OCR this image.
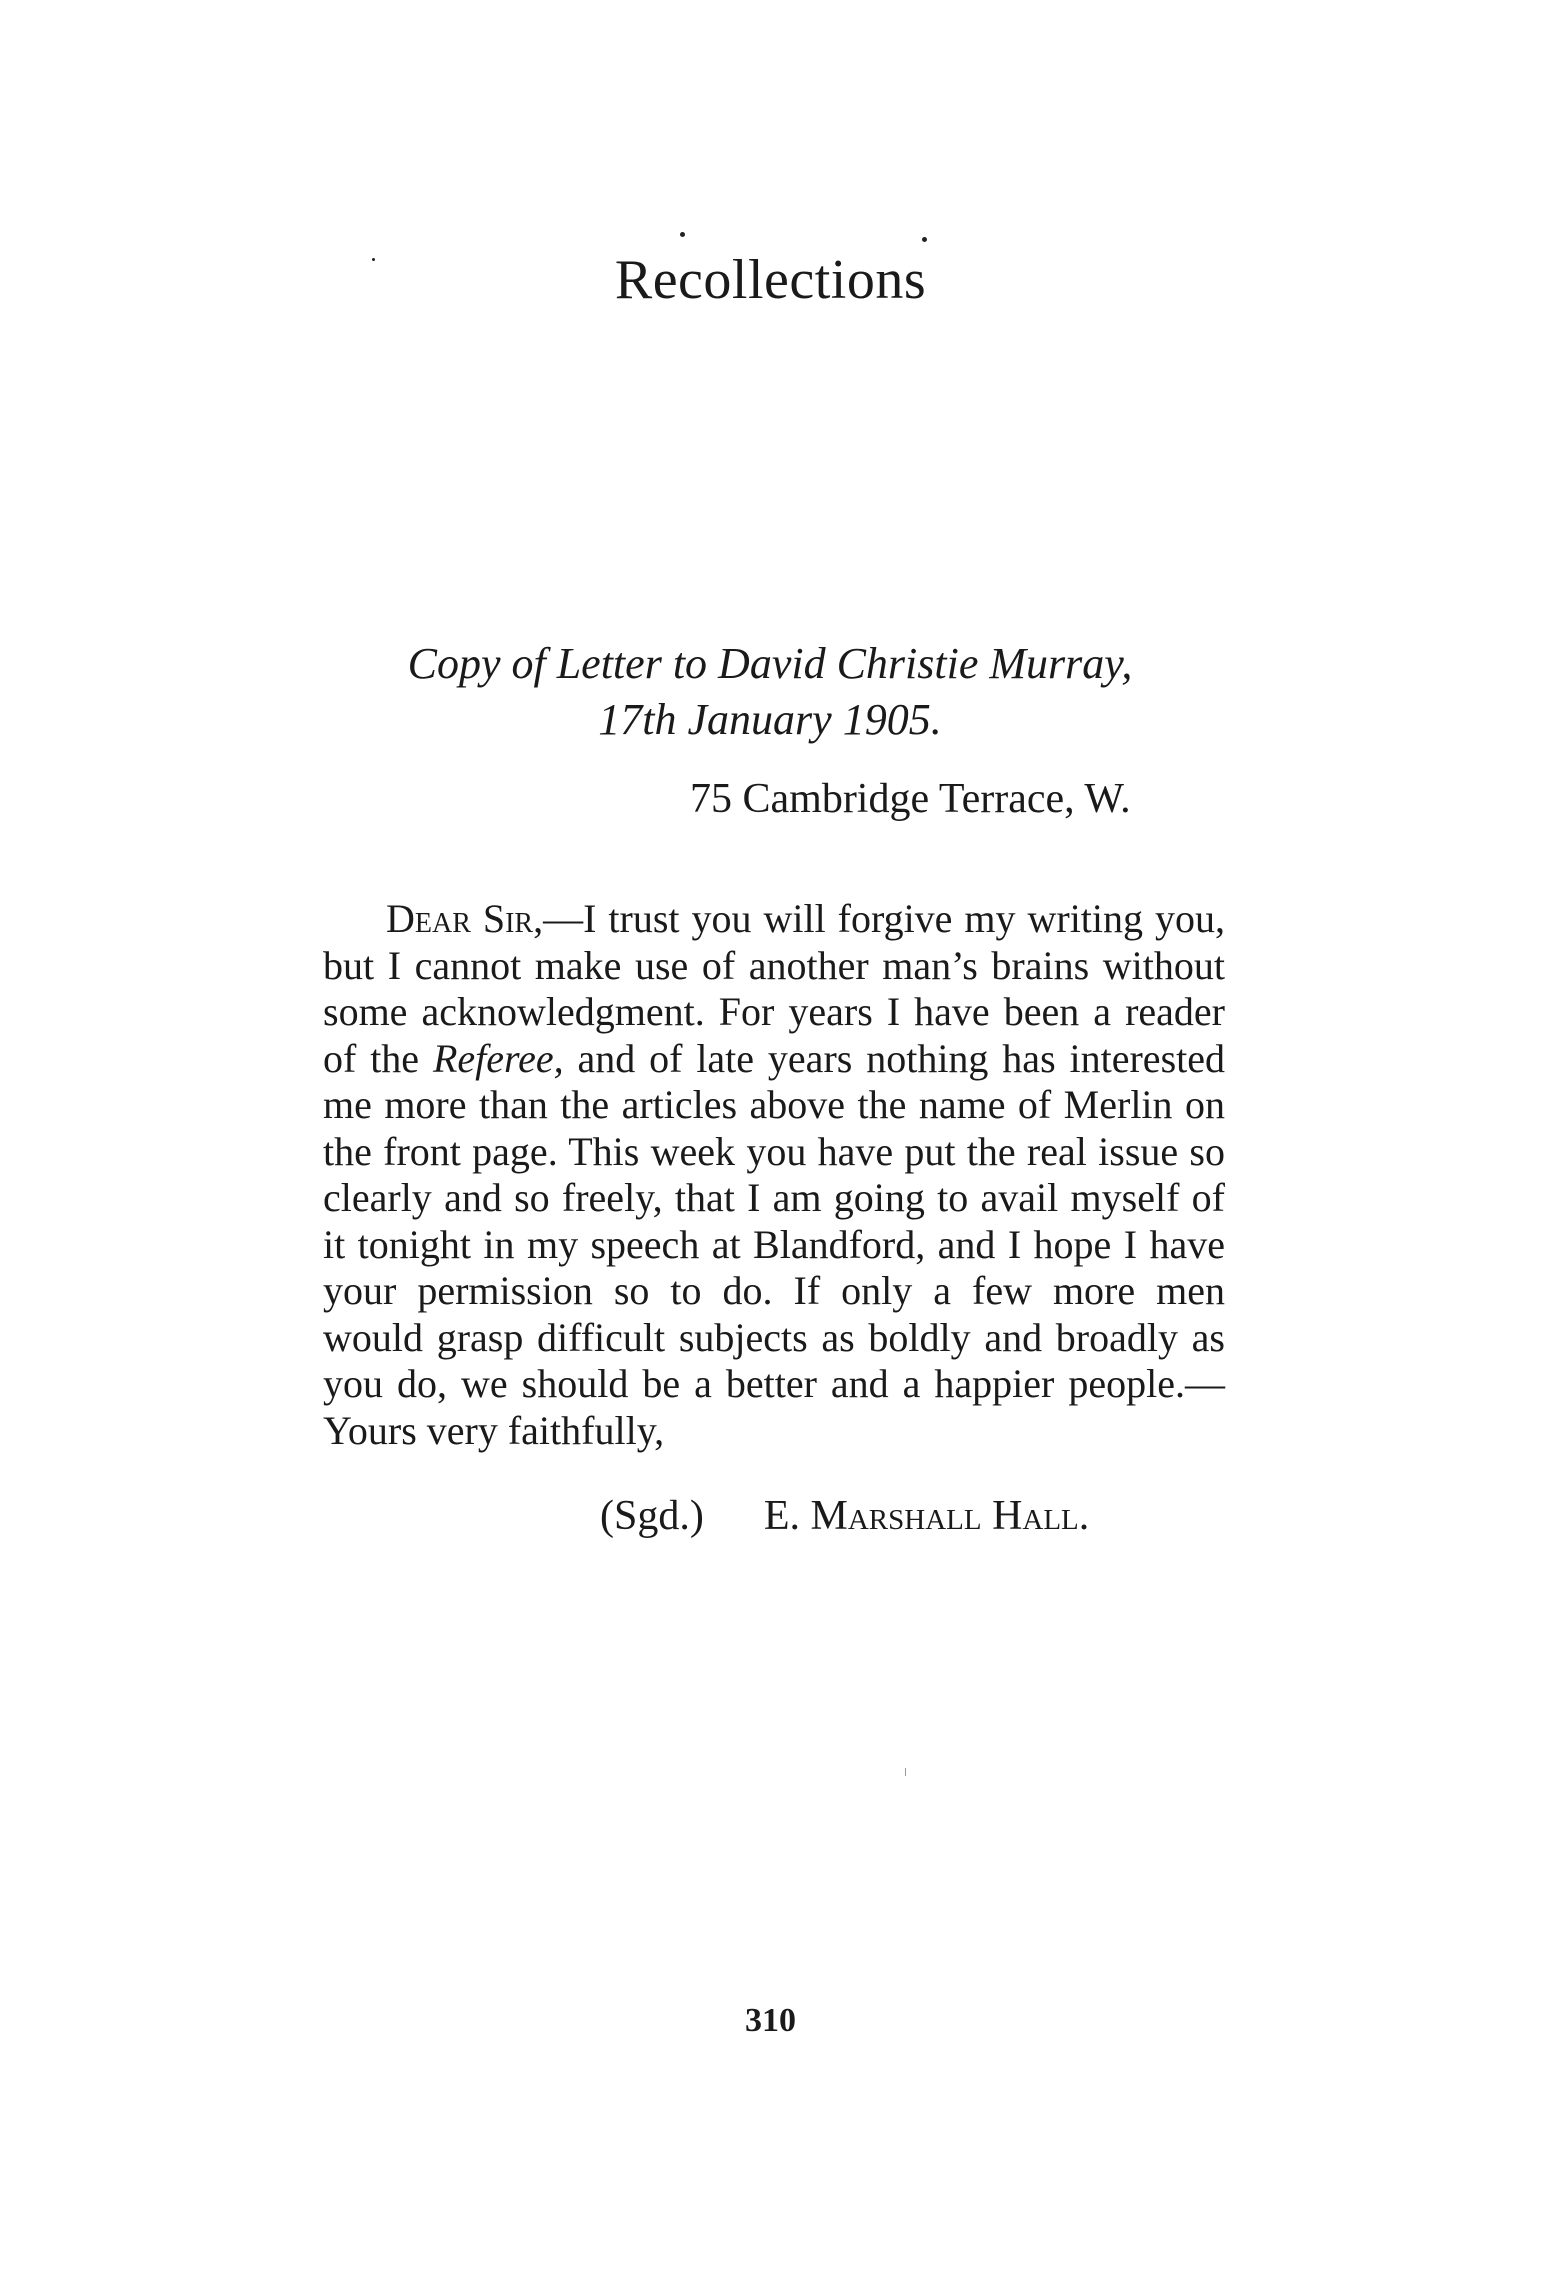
Recollections
Copy of Letter to David Christie Murray,
17th January 1905.
75 Cambridge Terrace, W.

Dear Sir,—I trust you will forgive my writing you, but I cannot make use of another man’s brains without some acknowledgment. For years I have been a reader of the Referee, and of late years nothing has interested me more than the articles above the name of Merlin on the front page. This week you have put the real issue so clearly and so freely, that I am going to avail myself of it tonight in my speech at Blandford, and I hope I have your permission so to do. If only a few more men would grasp difficult subjects as boldly and broadly as you do, we should be a better and a happier people.—Yours very faithfully,

(Sgd.) E. Marshall Hall.
310
